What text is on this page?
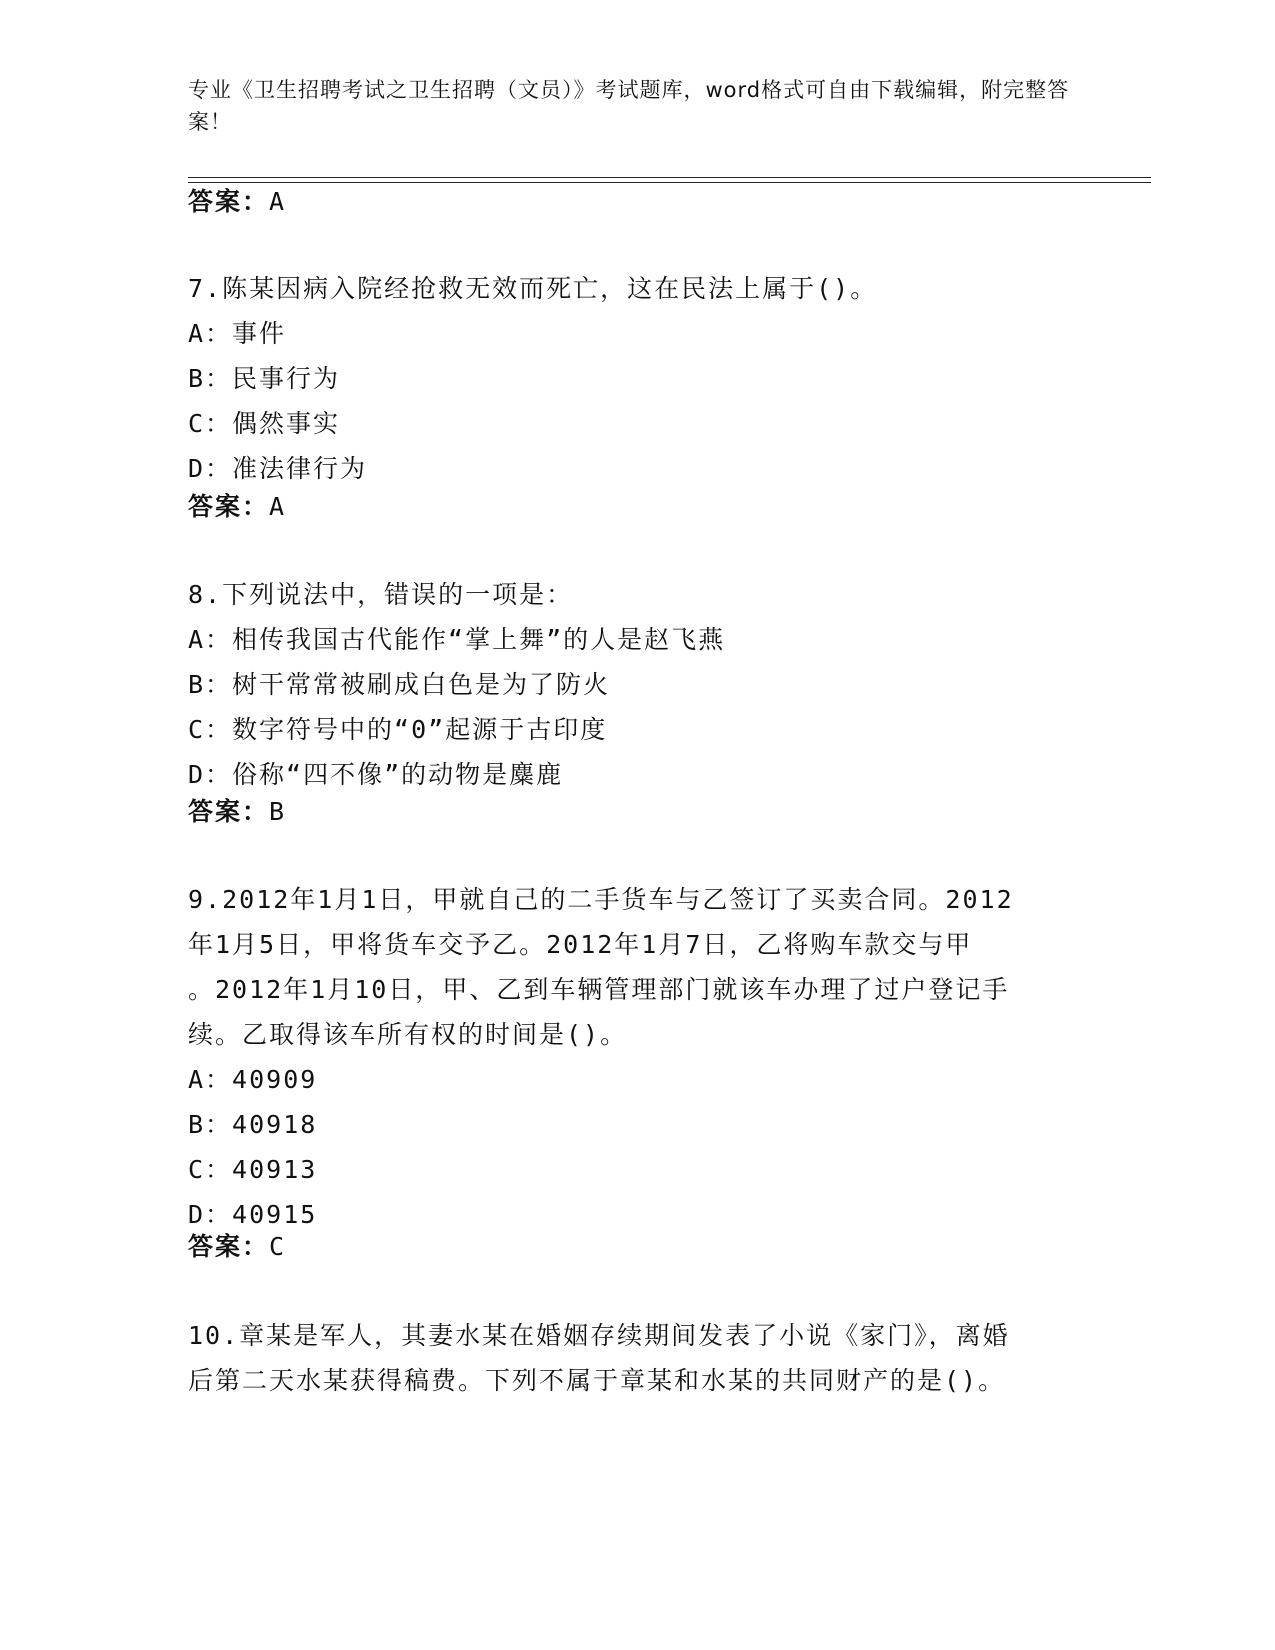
专业《卫生招聘考试之卫生招聘（文员）》考试题库，word格式可自由下载编辑，附完整答案！
答案：A
7.陈某因病入院经抢救无效而死亡，这在民法上属于()。
A：事件
B：民事行为
C：偶然事实
D：准法律行为
答案：A
8.下列说法中，错误的一项是：
A：相传我国古代能作“掌上舞”的人是赵飞燕
B：树干常常被刷成白色是为了防火
C：数字符号中的“0”起源于古印度
D：俗称“四不像”的动物是麋鹿
答案：B
9.2012年1月1日，甲就自己的二手货车与乙签订了买卖合同。2012
年1月5日，甲将货车交予乙。2012年1月7日，乙将购车款交与甲
。2012年1月10日，甲、乙到车辆管理部门就该车办理了过户登记手
续。乙取得该车所有权的时间是()。
A：40909
B：40918
C：40913
D：40915
答案：C
10.章某是军人，其妻水某在婚姻存续期间发表了小说《家门》，离婚
后第二天水某获得稿费。下列不属于章某和水某的共同财产的是()。
